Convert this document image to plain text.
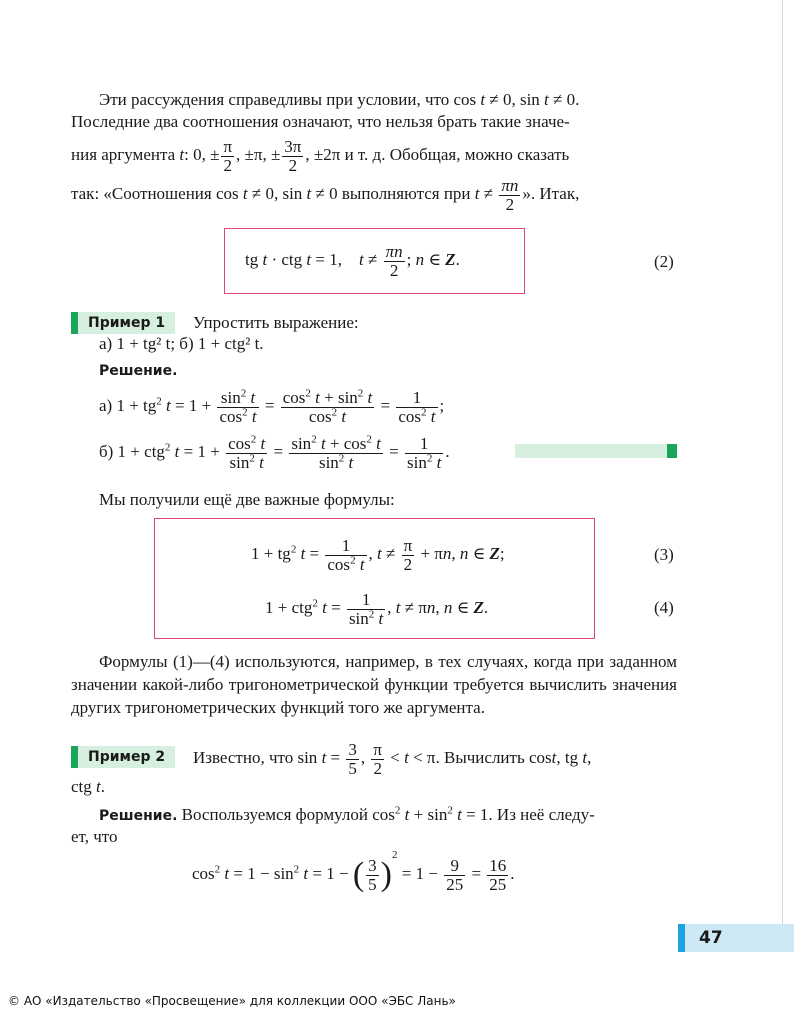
Эти рассуждения справедливы при условии, что cos t ≠ 0, sin t ≠ 0.
Последние два соотношения означают, что нельзя брать такие значе-
ния аргумента t: 0, ± $\frac{\pi}{2}$ , ±π, ± $\frac{3\pi}{2}$ , ±2π и т. д. Обобщая, можно сказать
так: «Соотношения cos t ≠ 0, sin t ≠ 0 выполняются при $t \ne \frac{\pi n}{2}$ ». Итак,
tg t · ctg t = 1,    $t \ne \frac{\pi n}{2}$ ; n ∈ Z.	(2)
Пример 1	Упростить выражение:
а) 1 + tg² t; б) 1 + ctg² t.
Решение.
а) $1 + tg^2$ $t = 1 + \frac{\sin^2 t}{\cos^2 t} = \frac{\cos^2 t + \sin^2 t}{\cos^2 t} = \frac{1}{\cos^2 t}$ ;
б) 1 + ctg$^2$ $t = 1 + \frac{\cos^2 t}{\sin^2 t} = \frac{\sin^2 t + \cos^2 t}{\sin^2 t} = \frac{1}{\sin^2 t}$ .
Мы получили ещё две важные формулы:
$1 + tg^2$ $t = \frac{1}{\cos^2 t}$ , $t \ne \frac{\pi}{2} + \pi n$, n ∈ Z;	(3)
1 + ctg$^2$ $t = \frac{1}{\sin^2 t}$ , t ≠ πn, n ∈ Z.	(4)
Формулы (1)—(4) используются, например, в тех случаях, когда при заданном значении какой-либо тригонометрической функции требуется вычислить значения других тригонометрических функций того же аргумента.
Пример 2	Известно, что $\sin t = \frac{3}{5}$ , $\frac{\pi}{2} < t < \pi$. Вычислить cost, tg t,
ctg t.
Решение. Воспользуемся формулой $\cos^2 t + \sin^2 t = 1$. Из неё следу-
ет, что
$\cos^2 t = 1 - \sin^2 t = 1$ − ( $\frac{3}{5} )^2 = 1 - \frac{9}{25} = \frac{16}{25}$ .
47
© АО «Издательство «Просвещение» для коллекции ООО «ЭБС Лань»
